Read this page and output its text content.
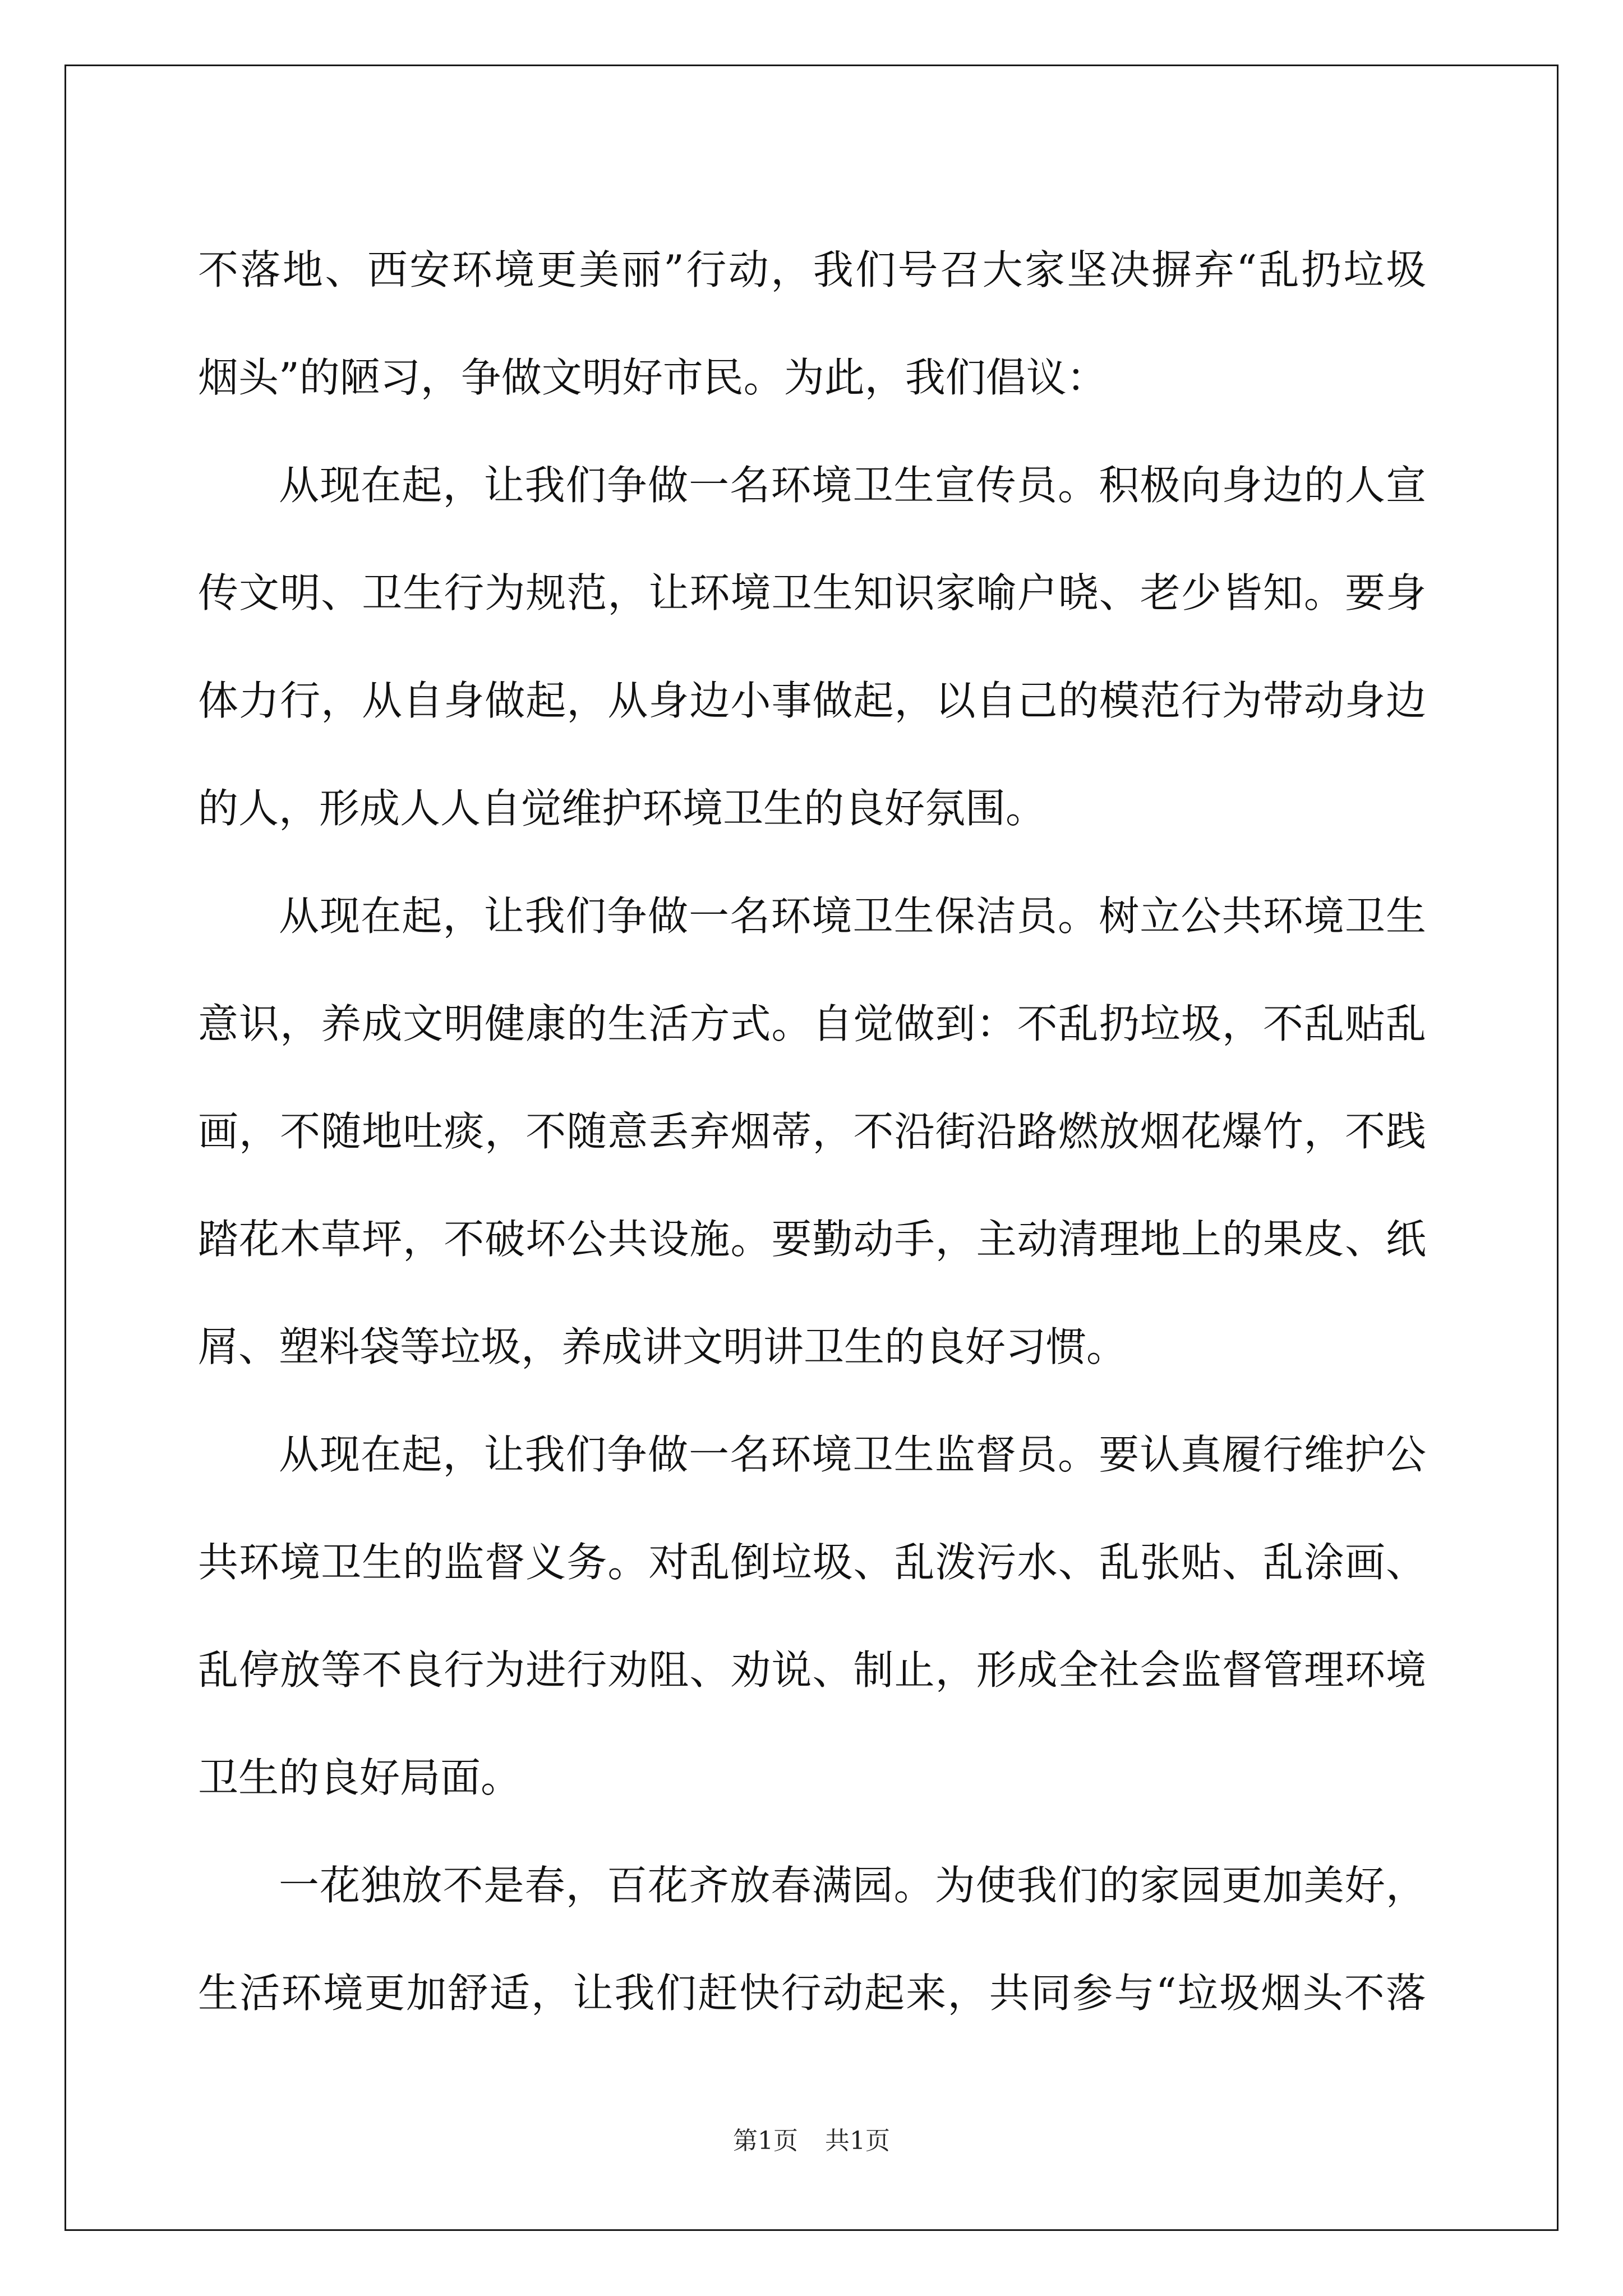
不落地、西安环境更美丽”行动，我们号召大家坚决摒弃“乱扔垃圾

烟头”的陋习，争做文明好市民。为此，我们倡议：

从现在起，让我们争做一名环境卫生宣传员。积极向身边的人宣

传文明、卫生行为规范，让环境卫生知识家喻户晓、老少皆知。要身

体力行，从自身做起，从身边小事做起，以自己的模范行为带动身边

的人，形成人人自觉维护环境卫生的良好氛围。

从现在起，让我们争做一名环境卫生保洁员。树立公共环境卫生

意识，养成文明健康的生活方式。自觉做到：不乱扔垃圾，不乱贴乱

画，不随地吐痰，不随意丢弃烟蒂，不沿街沿路燃放烟花爆竹，不践

踏花木草坪，不破坏公共设施。要勤动手，主动清理地上的果皮、纸

屑、塑料袋等垃圾，养成讲文明讲卫生的良好习惯。

从现在起，让我们争做一名环境卫生监督员。要认真履行维护公

共环境卫生的监督义务。对乱倒垃圾、乱泼污水、乱张贴、乱涂画、

乱停放等不良行为进行劝阻、劝说、制止，形成全社会监督管理环境

卫生的良好局面。

一花独放不是春，百花齐放春满园。为使我们的家园更加美好，

生活环境更加舒适，让我们赶快行动起来，共同参与“垃圾烟头不落

第1页 共1页
